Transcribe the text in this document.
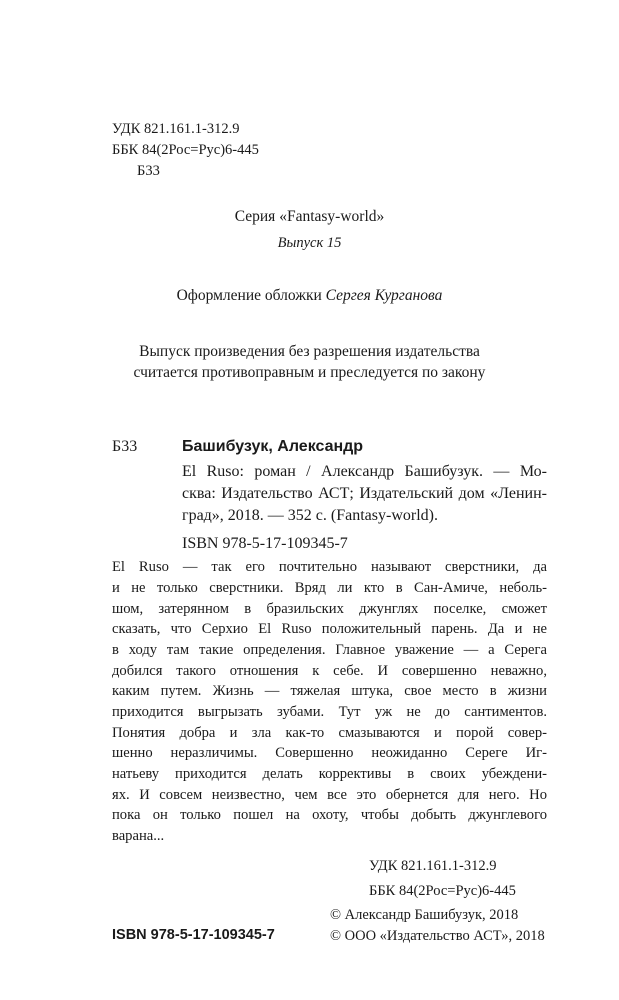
УДК 821.161.1-312.9
ББК 84(2Рос=Рус)6-445
Б33
Серия «Fantasy-world»
Выпуск 15
Оформление обложки Сергея Курганова
Выпуск произведения без разрешения издательства
считается противоправным и преследуется по закону
Б33	Башибузук, Александр
El Ruso: роман / Александр Башибузук. — Мо-
сква: Издательство АСТ; Издательский дом «Ленин-
град», 2018. — 352 с. (Fantasy-world).
ISBN 978-5-17-109345-7
El Ruso — так его почтительно называют сверстники, да
и не только сверстники. Вряд ли кто в Сан-Амиче, неболь-
шом, затерянном в бразильских джунглях поселке, сможет
сказать, что Серхио El Ruso положительный парень. Да и не
в ходу там такие определения. Главное уважение — а Серега
добился такого отношения к себе. И совершенно неважно,
каким путем. Жизнь — тяжелая штука, свое место в жизни
приходится выгрызать зубами. Тут уж не до сантиментов.
Понятия добра и зла как-то смазываются и порой совер-
шенно неразличимы. Совершенно неожиданно Сереге Иг-
натьеву приходится делать коррективы в своих убеждени-
ях. И совсем неизвестно, чем все это обернется для него. Но
пока он только пошел на охоту, чтобы добыть джунглевого
варана...
УДК 821.161.1-312.9
ББК 84(2Рос=Рус)6-445
ISBN 978-5-17-109345-7
© Александр Башибузук, 2018
© ООО «Издательство АСТ», 2018
